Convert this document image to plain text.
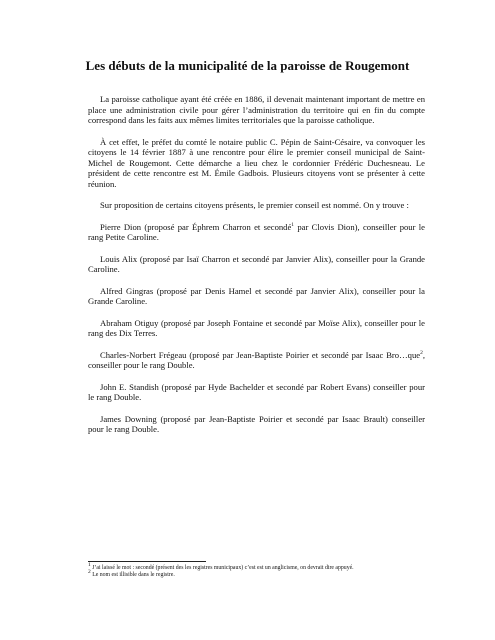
Les débuts de la municipalité de la paroisse de Rougemont

La paroisse catholique ayant été créée en 1886, il devenait maintenant important de mettre en place une administration civile pour gérer l’administration du territoire qui en fin du compte correspond dans les faits aux mêmes limites territoriales que la paroisse catholique.

À cet effet, le préfet du comté le notaire public C. Pépin de Saint-Césaire, va convoquer les citoyens le 14 février 1887 à une rencontre pour élire le premier conseil municipal de Saint-Michel de Rougemont. Cette démarche a lieu chez le cordonnier Frédéric Duchesneau. Le président de cette rencontre est M. Émile Gadbois. Plusieurs citoyens vont se présenter à cette réunion.

Sur proposition de certains citoyens présents, le premier conseil est nommé. On y trouve :

Pierre Dion (proposé par Éphrem Charron et secondé$^1$ par Clovis Dion), conseiller pour le rang Petite Caroline.

Louis Alix (proposé par Isaï Charron et secondé par Janvier Alix), conseiller pour la Grande Caroline.

Alfred Gingras (proposé par Denis Hamel et secondé par Janvier Alix), conseiller pour la Grande Caroline.

Abraham Otiguy (proposé par Joseph Fontaine et secondé par Moïse Alix), conseiller pour le rang des Dix Terres.

Charles-Norbert Frégeau (proposé par Jean-Baptiste Poirier et secondé par Isaac Bro…que$^2$, conseiller pour le rang Double.

John E. Standish (proposé par Hyde Bachelder et secondé par Robert Evans) conseiller pour le rang Double.

James Downing (proposé par Jean-Baptiste Poirier et secondé par Isaac Brault) conseiller pour le rang Double.

$^1$ J’ai laissé le mot : secondé (présent des les registres municipaux) c’est est un anglicisme, on devrait dire appuyé.
$^2$ Le nom est illisible dans le registre.
